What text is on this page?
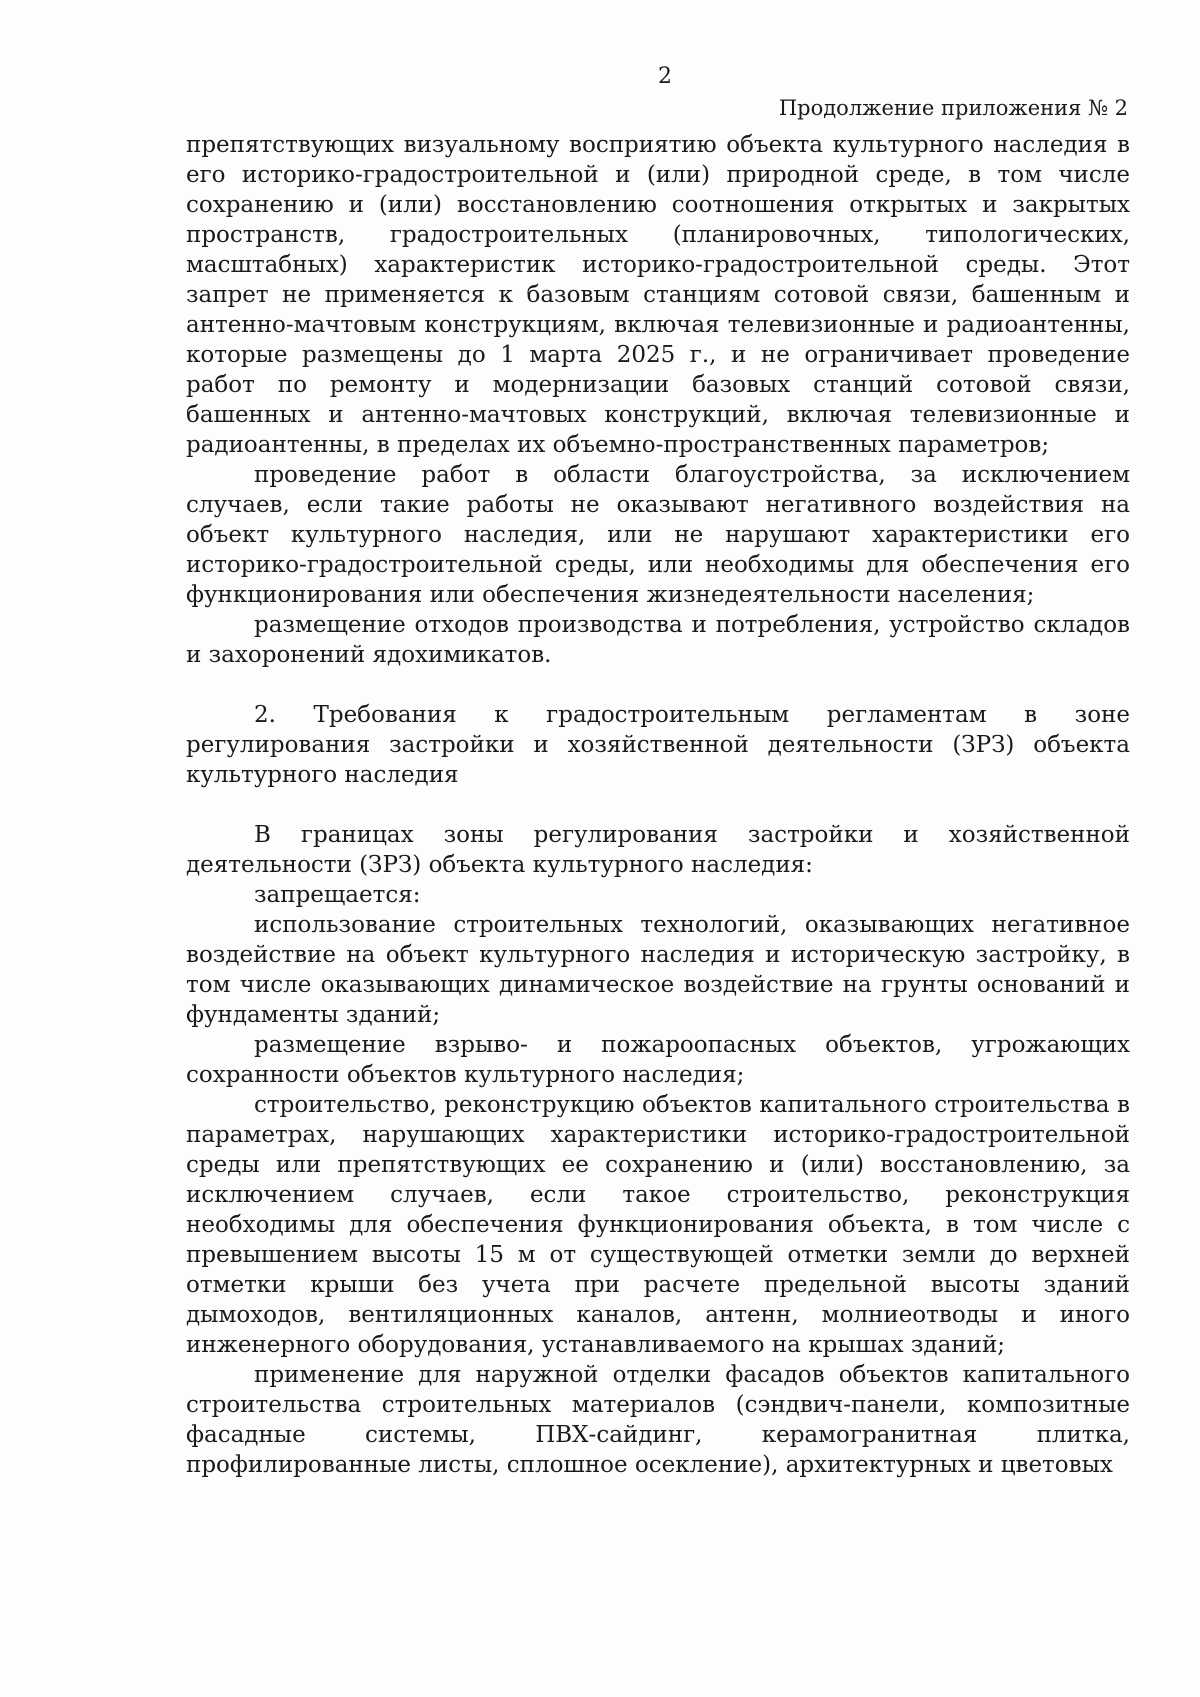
2
Продолжение приложения № 2

препятствующих визуальному восприятию объекта культурного наследия в его историко-градостроительной и (или) природной среде, в том числе сохранению и (или) восстановлению соотношения открытых и закрытых пространств, градостроительных (планировочных, типологических, масштабных) характеристик историко-градостроительной среды. Этот запрет не применяется к базовым станциям сотовой связи, башенным и антенно-мачтовым конструкциям, включая телевизионные и радиоантенны, которые размещены до 1 марта 2025 г., и не ограничивает проведение работ по ремонту и модернизации базовых станций сотовой связи, башенных и антенно-мачтовых конструкций, включая телевизионные и радиоантенны, в пределах их объемно-пространственных параметров;

проведение работ в области благоустройства, за исключением случаев, если такие работы не оказывают негативного воздействия на объект культурного наследия, или не нарушают характеристики его историко-градостроительной среды, или необходимы для обеспечения его функционирования или обеспечения жизнедеятельности населения;

размещение отходов производства и потребления, устройство складов и захоронений ядохимикатов.

2. Требования к градостроительным регламентам в зоне регулирования застройки и хозяйственной деятельности (ЗРЗ) объекта культурного наследия

В границах зоны регулирования застройки и хозяйственной деятельности (ЗРЗ) объекта культурного наследия:

запрещается:

использование строительных технологий, оказывающих негативное воздействие на объект культурного наследия и историческую застройку, в том числе оказывающих динамическое воздействие на грунты оснований и фундаменты зданий;

размещение взрыво- и пожароопасных объектов, угрожающих сохранности объектов культурного наследия;

строительство, реконструкцию объектов капитального строительства в параметрах, нарушающих характеристики историко-градостроительной среды или препятствующих ее сохранению и (или) восстановлению, за исключением случаев, если такое строительство, реконструкция необходимы для обеспечения функционирования объекта, в том числе с превышением высоты 15 м от существующей отметки земли до верхней отметки крыши без учета при расчете предельной высоты зданий дымоходов, вентиляционных каналов, антенн, молниеотводы и иного инженерного оборудования, устанавливаемого на крышах зданий;

применение для наружной отделки фасадов объектов капитального строительства строительных материалов (сэндвич-панели, композитные фасадные системы, ПВХ-сайдинг, керамогранитная плитка, профилированные листы, сплошное осекление), архитектурных и цветовых
